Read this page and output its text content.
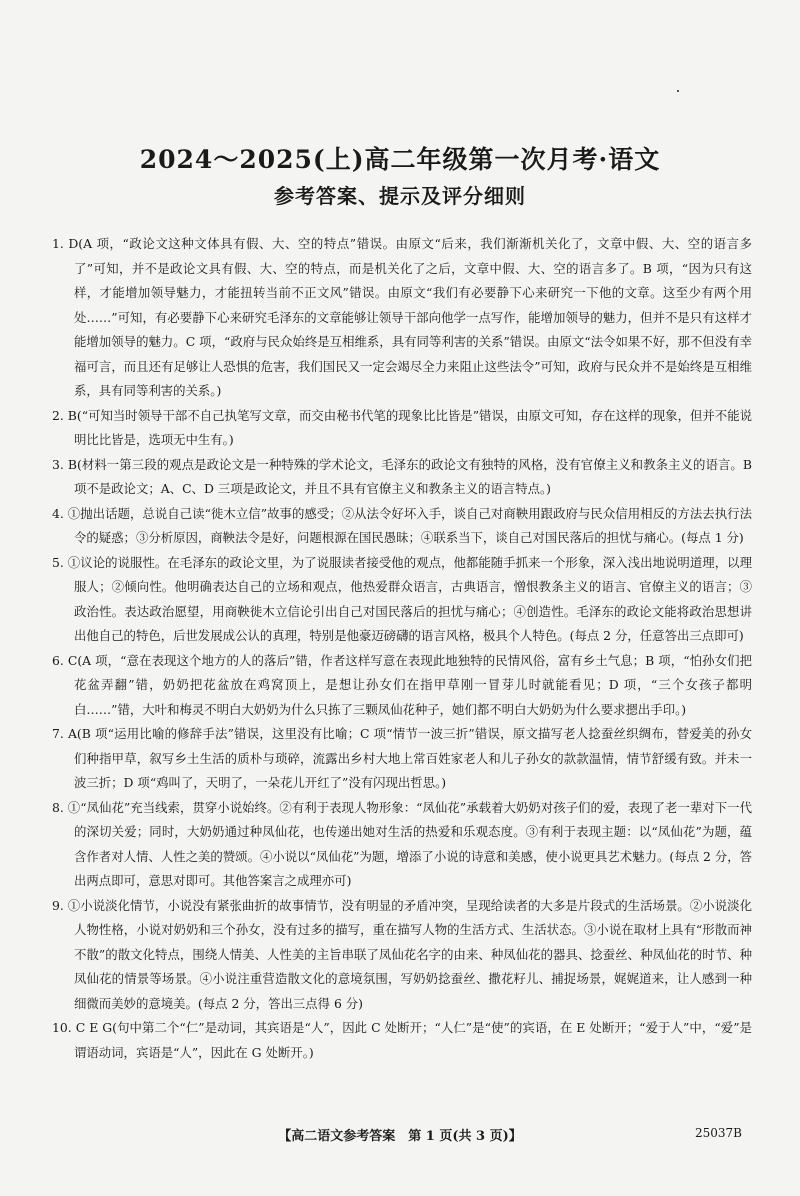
2024～2025(上)高二年级第一次月考·语文
参考答案、提示及评分细则

1. D(A 项，“政论文这种文体具有假、大、空的特点”错误。由原文“后来，我们渐渐机关化了，文章中假、大、空的语言多了”可知，并不是政论文具有假、大、空的特点，而是机关化了之后，文章中假、大、空的语言多了。B 项，“因为只有这样，才能增加领导魅力，才能扭转当前不正文风”错误。由原文“我们有必要静下心来研究一下他的文章。这至少有两个用处……”可知，有必要静下心来研究毛泽东的文章能够让领导干部向他学一点写作，能增加领导的魅力，但并不是只有这样才能增加领导的魅力。C 项，“政府与民众始终是互相维系，具有同等利害的关系”错误。由原文“法令如果不好，那不但没有幸福可言，而且还有足够让人恐惧的危害，我们国民又一定会竭尽全力来阻止这些法令”可知，政府与民众并不是始终是互相维系，具有同等利害的关系。)

2. B(“可知当时领导干部不自己执笔写文章，而交由秘书代笔的现象比比皆是”错误，由原文可知，存在这样的现象，但并不能说明比比皆是，选项无中生有。)

3. B(材料一第三段的观点是政论文是一种特殊的学术论文，毛泽东的政论文有独特的风格，没有官僚主义和教条主义的语言。B 项不是政论文；A、C、D 三项是政论文，并且不具有官僚主义和教条主义的语言特点。)

4. ①抛出话题，总说自己读“徙木立信”故事的感受；②从法令好坏入手，谈自己对商鞅用跟政府与民众信用相反的方法去执行法令的疑惑；③分析原因，商鞅法令是好，问题根源在国民愚昧；④联系当下，谈自己对国民落后的担忧与痛心。(每点 1 分)

5. ①议论的说服性。在毛泽东的政论文里，为了说服读者接受他的观点，他都能随手抓来一个形象，深入浅出地说明道理，以理服人；②倾向性。他明确表达自己的立场和观点，他热爱群众语言，古典语言，憎恨教条主义的语言、官僚主义的语言；③政治性。表达政治愿望，用商鞅徙木立信论引出自己对国民落后的担忧与痛心；④创造性。毛泽东的政论文能将政治思想讲出他自己的特色，后世发展成公认的真理，特别是他豪迈磅礴的语言风格，极具个人特色。(每点 2 分，任意答出三点即可)

6. C(A 项，“意在表现这个地方的人的落后”错，作者这样写意在表现此地独特的民情风俗，富有乡土气息；B 项，“怕孙女们把花盆弄翻”错，奶奶把花盆放在鸡窝顶上，是想让孙女们在指甲草刚一冒芽儿时就能看见；D 项，“三个女孩子都明白……”错，大叶和梅灵不明白大奶奶为什么只拣了三颗凤仙花种子，她们都不明白大奶奶为什么要求摁出手印。)

7. A(B 项“运用比喻的修辞手法”错误，这里没有比喻；C 项“情节一波三折”错误，原文描写老人捻蚕丝织绸布，替爱美的孙女们种指甲草，叙写乡土生活的质朴与琐碎，流露出乡村大地上常百姓家老人和儿子孙女的款款温情，情节舒缓有致。并未一波三折；D 项“鸡叫了，天明了，一朵花儿开红了”没有闪现出哲思。)

8. ①“凤仙花”充当线索，贯穿小说始终。②有利于表现人物形象：“凤仙花”承载着大奶奶对孩子们的爱，表现了老一辈对下一代的深切关爱；同时，大奶奶通过种凤仙花，也传递出她对生活的热爱和乐观态度。③有利于表现主题：以“凤仙花”为题，蕴含作者对人情、人性之美的赞颂。④小说以“凤仙花”为题，增添了小说的诗意和美感，使小说更具艺术魅力。(每点 2 分，答出两点即可，意思对即可。其他答案言之成理亦可)

9. ①小说淡化情节，小说没有紧张曲折的故事情节，没有明显的矛盾冲突，呈现给读者的大多是片段式的生活场景。②小说淡化人物性格，小说对奶奶和三个孙女，没有过多的描写，重在描写人物的生活方式、生活状态。③小说在取材上具有“形散而神不散”的散文化特点，围绕人情美、人性美的主旨串联了凤仙花名字的由来、种凤仙花的器具、捻蚕丝、种凤仙花的时节、种凤仙花的情景等场景。④小说注重营造散文化的意境氛围，写奶奶捻蚕丝、撒花籽儿、捕捉场景，娓娓道来，让人感到一种细微而美妙的意境美。(每点 2 分，答出三点得 6 分)

10. C E G(句中第二个“仁”是动词，其宾语是“人”，因此 C 处断开；“人仁”是“使”的宾语，在 E 处断开；“爱于人”中，“爱”是谓语动词，宾语是“人”，因此在 G 处断开。)

【高二语文参考答案　第 1 页(共 3 页)】	25037B
